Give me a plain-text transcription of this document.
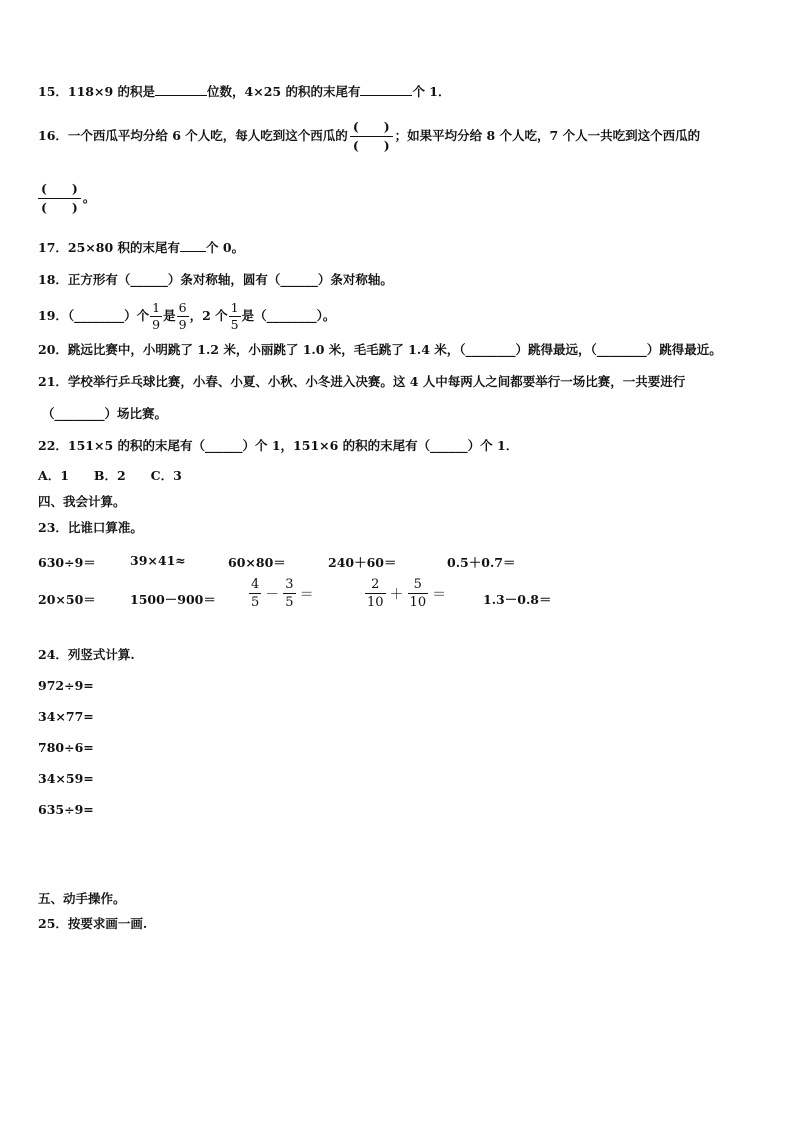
15．118×9 的积是	位数，4×25 的积的末尾有	个 1．
16．一个西瓜平均分给 6 个人吃，每人吃到这个西瓜的 $\frac{( )}{( )}$ ；如果平均分给 8 个人吃，7 个人一共吃到这个西瓜的
$\frac{( )}{( )}$ 。
17．25×80 积的末尾有 个 0。
18．正方形有（______）条对称轴，圆有（______）条对称轴。
19．（________）个 $\frac{1}{9}$ 是 $\frac{6}{9}$ ，2 个 $\frac{1}{5}$ 是（________）。
20．跳远比赛中，小明跳了 1.2 米，小丽跳了 1.0 米，毛毛跳了 1.4 米，（________）跳得最远，（________）跳得最近。
21．学校举行乒乓球比赛，小春、小夏、小秋、小冬进入决赛。这 4 人中每两人之间都要举行一场比赛，一共要进行
（________）场比赛。
22．151×5 的积的末尾有（______）个 1，151×6 的积的末尾有（______）个 1．
A．1　　B．2　　C．3
四、我会计算。
23．比谁口算准。
630÷9＝	39×41≈	60×80＝	240＋60＝	0.5＋0.7＝
20×50＝	1500－900＝	$\frac{4}{5} - \frac{3}{5}$ ＝	$\frac{2}{10} + \frac{5}{10}$ ＝	1.3－0.8＝
24．列竖式计算.
972÷9=
34×77=
780÷6=
34×59=
635÷9=
五、动手操作。
25．按要求画一画.
